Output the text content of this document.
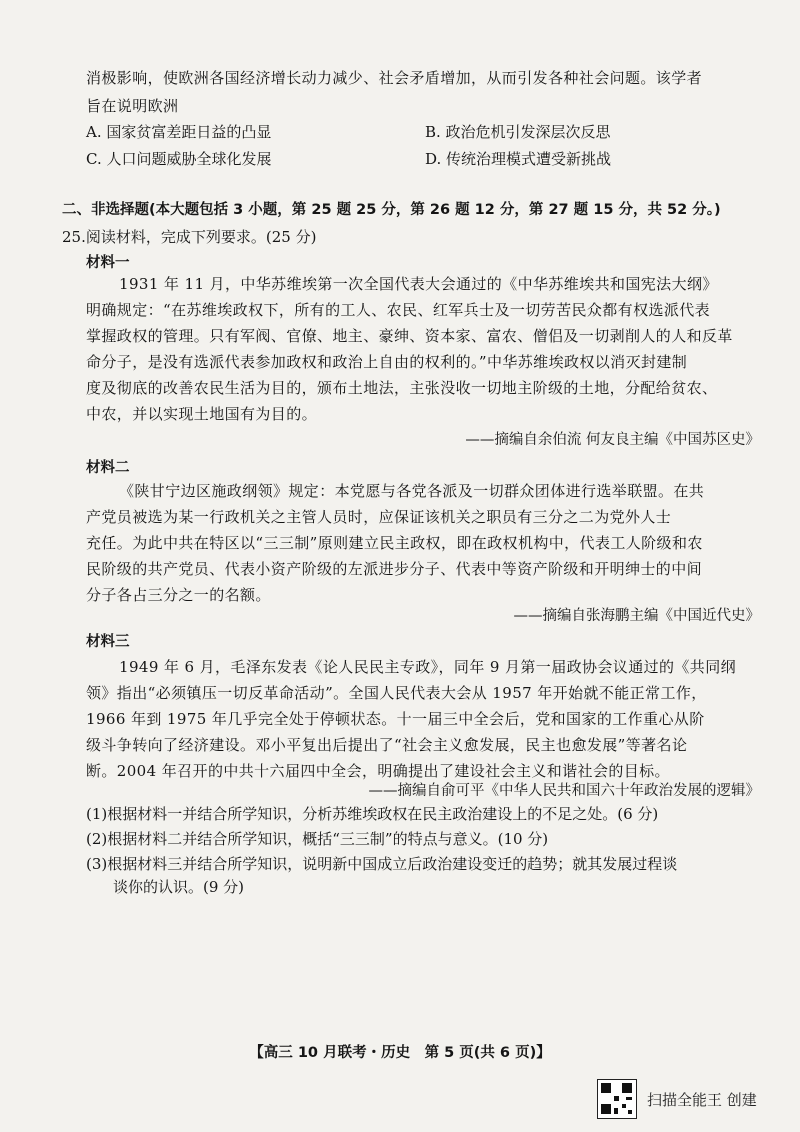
消极影响，使欧洲各国经济增长动力减少、社会矛盾增加，从而引发各种社会问题。该学者
旨在说明欧洲
A. 国家贫富差距日益的凸显	B. 政治危机引发深层次反思
C. 人口问题威胁全球化发展	D. 传统治理模式遭受新挑战
二、非选择题(本大题包括 3 小题，第 25 题 25 分，第 26 题 12 分，第 27 题 15 分，共 52 分。)
25.阅读材料，完成下列要求。(25 分)
材料一
1931 年 11 月，中华苏维埃第一次全国代表大会通过的《中华苏维埃共和国宪法大纲》
明确规定：“在苏维埃政权下，所有的工人、农民、红军兵士及一切劳苦民众都有权选派代表
掌握政权的管理。只有军阀、官僚、地主、豪绅、资本家、富农、僧侣及一切剥削人的人和反革
命分子，是没有选派代表参加政权和政治上自由的权利的。”中华苏维埃政权以消灭封建制
度及彻底的改善农民生活为目的，颁布土地法，主张没收一切地主阶级的土地，分配给贫农、
中农，并以实现土地国有为目的。
——摘编自余伯流 何友良主编《中国苏区史》
材料二
《陕甘宁边区施政纲领》规定：本党愿与各党各派及一切群众团体进行选举联盟。在共
产党员被选为某一行政机关之主管人员时，应保证该机关之职员有三分之二为党外人士
充任。为此中共在特区以“三三制”原则建立民主政权，即在政权机构中，代表工人阶级和农
民阶级的共产党员、代表小资产阶级的左派进步分子、代表中等资产阶级和开明绅士的中间
分子各占三分之一的名额。
——摘编自张海鹏主编《中国近代史》
材料三
1949 年 6 月，毛泽东发表《论人民民主专政》，同年 9 月第一届政协会议通过的《共同纲
领》指出“必须镇压一切反革命活动”。全国人民代表大会从 1957 年开始就不能正常工作，
1966 年到 1975 年几乎完全处于停顿状态。十一届三中全会后，党和国家的工作重心从阶
级斗争转向了经济建设。邓小平复出后提出了“社会主义愈发展，民主也愈发展”等著名论
断。2004 年召开的中共十六届四中全会，明确提出了建设社会主义和谐社会的目标。
——摘编自俞可平《中华人民共和国六十年政治发展的逻辑》
(1)根据材料一并结合所学知识，分析苏维埃政权在民主政治建设上的不足之处。(6 分)
(2)根据材料二并结合所学知识，概括“三三制”的特点与意义。(10 分)
(3)根据材料三并结合所学知识，说明新中国成立后政治建设变迁的趋势；就其发展过程谈
谈你的认识。(9 分)
【高三 10 月联考・历史　第 5 页(共 6 页)】
扫描全能王 创建
